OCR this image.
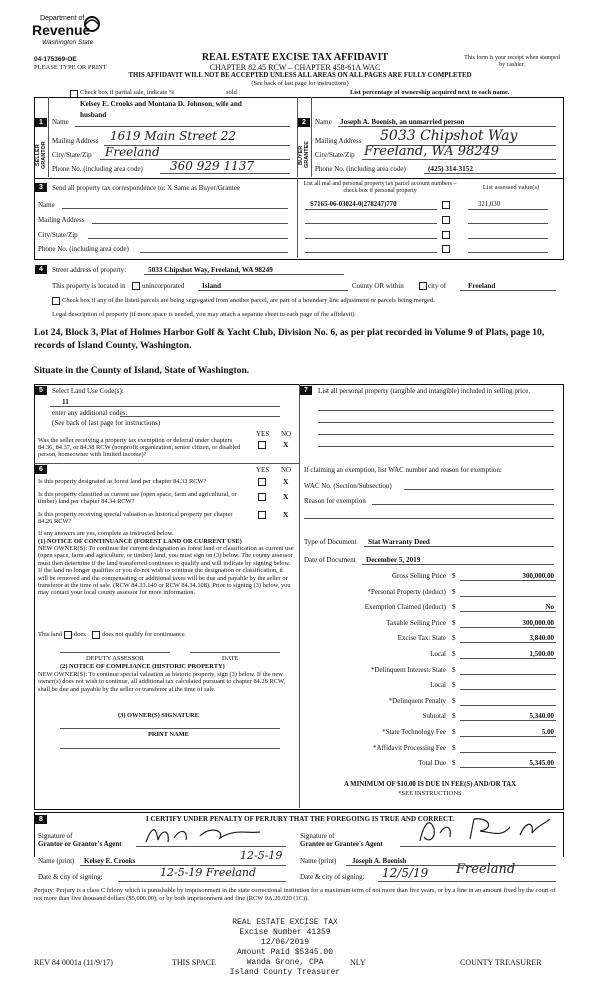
Department of
Revenue
Washington State
04-175369-OE
PLEASE TYPE OR PRINT
REAL ESTATE EXCISE TAX AFFIDAVIT
CHAPTER 82.45 RCW – CHAPTER 458-61A WAC
This form is your receipt when stamped by cashier.
THIS AFFIDAVIT WILL NOT BE ACCEPTED UNLESS ALL AREAS ON ALL PAGES ARE FULLY COMPLETED
(See back of last page for instructions)
Check box if partial sale, indicate %	sold	List percentage of ownership acquired next to each name.
1
SELLER GRANTOR
Kelsey E. Crooks and Montana D. Johnson, wife and
Name
husband
Mailing Address 1619 Main Street 22
City/State/Zip Freeland
Phone No. (including area code) 360 929 1137
2
BUYER GRANTEE
Name Joseph A. Boenish, an unmarried person
Mailing Address 5033 Chipshot Way
City/State/Zip Freeland, WA 98249
Phone No. (including area code)	(425) 314-3152
3	Send all property tax correspondence to: X Same as Buyer/Grantee
Name
Mailing Address
City/State/Zip
Phone No. (including area code)
List all real and personal property tax parcel account numbers – check box if personal property	List assessed value(s)
S7165-06-03024-0(278247)770	321,030
4	Street address of property:	5033 Chipshot Way, Freeland, WA 98249
This property is located in unincorporated Island	County OR within	city of	Freeland
Check box if any of the listed parcels are being segregated from another parcel, are part of a boundary line adjustment or parcels being merged.
Legal description of property (if more space is needed, you may attach a separate sheet to each page of the affidavit)
Lot 24, Block 3, Plat of Holmes Harbor Golf & Yacht Club, Division No. 6, as per plat recorded in Volume 9 of Plats, page 10, records of Island County, Washington.
Situate in the County of Island, State of Washington.
5	Select Land Use Code(s):
11
enter any additional codes:
(See back of last page for instructions)
YES NO
Was the seller receiving a property tax exemption or deferral under chapters 84.36, 84.37, or 84.38 RCW (nonprofit organization, senior citizen, or disabled person, homeowner with limited income)?
X
6	YES NO
Is this property designated as forest land per chapter 84.33 RCW?	X
Is this property classified as current use (open space, farm and agricultural, or timber) land per chapter 84.34 RCW?
X
Is this property receiving special valuation as historical property per chapter 84.26 RCW?
X
If any answers are yes, complete as instructed below.
(1) NOTICE OF CONTINUANCE (FOREST LAND OR CURRENT USE)
NEW OWNER(S): To continue the current designation as forest land or classification as current use (open space, farm and agriculture, or timber) land, you must sign on (3) below. The county assessor must then determine if the land transferred continues to qualify and will indicate by signing below. If the land no longer qualifies or you do not wish to continue the designation or classification, it will be removed and the compensating or additional taxes will be due and payable by the seller or transferor at the time of sale. (RCW 84.33.140 or RCW 84.34.108). Prior to signing (3) below, you may contact your local county assessor for more information.
This land does	does not qualify for continuance.
DEPUTY ASSESSOR	DATE
(2) NOTICE OF COMPLIANCE (HISTORIC PROPERTY)
NEW OWNER(S): To continue special valuation as historic property, sign (3) below. If the new owner(s) does not wish to continue, all additional tax calculated pursuant to chapter 84.26 RCW, shall be due and payable by the seller or transferor at the time of sale.
(3) OWNER(S) SIGNATURE
PRINT NAME
7	List all personal property (tangible and intangible) included in selling price.
If claiming an exemption, list WAC number and reason for exemption:
WAC No. (Section/Subsection)
Reason for exemption
Type of Document Stat Warranty Deed
Date of Document December 5, 2019
Gross Selling Price $	300,000.00
*Personal Property (deduct) $
Exemption Claimed (deduct) $	No
Taxable Selling Price $	300,000.00
Excise Tax: State $	3,840.00
Local $	1,500.00
*Delinquent Interest: State $
Local $
*Delinquent Penalty $
Subtotal $	5,340.00
*State Technology Fee $	5.00
*Affidavit Processing Fee $
Total Due $	5,345.00
A MINIMUM OF $10.00 IS DUE IN FEE(S) AND/OR TAX
*SEE INSTRUCTIONS
8	I CERTIFY UNDER PENALTY OF PERJURY THAT THE FOREGOING IS TRUE AND CORRECT.
Signature of
Grantor or Grantor's Agent
Signature of
Grantee or Grantee's Agent
Name (print) Kelsey E. Crooks	12-5-19	Name (print) Joseph A. Boenish
Date & city of signing:	12-5-19 Freeland	Date & city of signing: 12/5/19 Freeland
Perjury: Perjury is a class C felony which is punishable by imprisonment in the state correctional institution for a maximum term of not more than five years, or by a fine in an amount fixed by the court of not more than five thousand dollars ($5,000.00), or by both imprisonment and fine (RCW 9A.20.020 (1C)).
REAL ESTATE EXCISE TAX
Excise Number 41359
12/06/2019
Amount Paid $5345.00
Wanda Grone, CPA
Island County Treasurer
REV 84 0001a (11/9/17)	THIS SPACE	NLY	COUNTY TREASURER
